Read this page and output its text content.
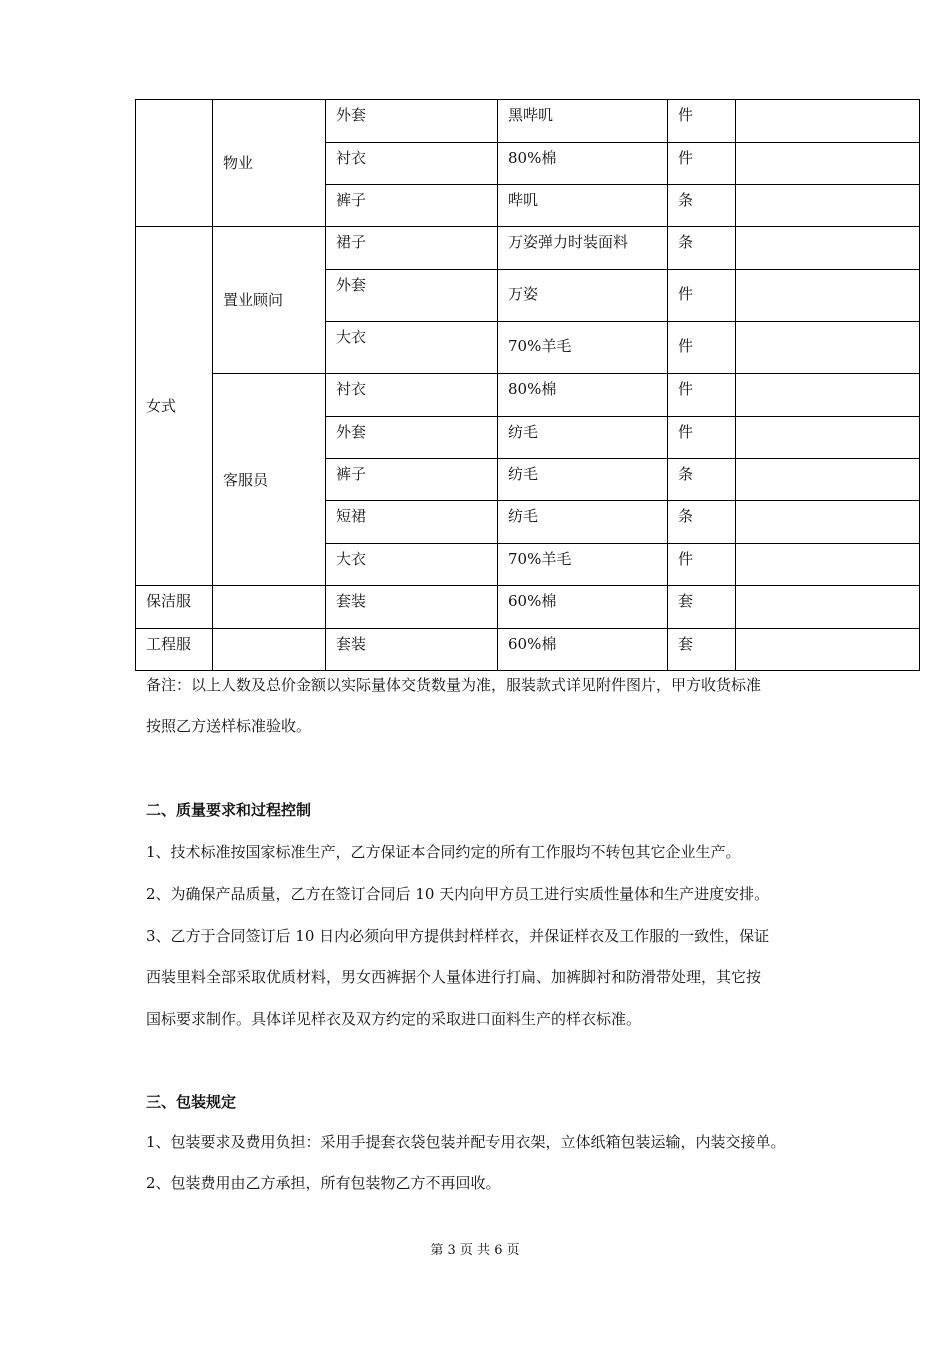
	物业	外套	黑哔叽	件	
		衬衣	80%棉	件	
		裤子	哔叽	条	
女式	置业顾问	裙子	万姿弹力时装面料	条	
		外套	万姿	件	
		大衣	70%羊毛	件	
	客服员	衬衣	80%棉	件	
		外套	纺毛	件	
		裤子	纺毛	条	
		短裙	纺毛	条	
		大衣	70%羊毛	件	
保洁服		套装	60%棉	套	
工程服		套装	60%棉	套	
备注：以上人数及总价金额以实际量体交货数量为准，服装款式详见附件图片，甲方收货标准
按照乙方送样标准验收。
二、质量要求和过程控制
1、技术标准按国家标准生产，乙方保证本合同约定的所有工作服均不转包其它企业生产。
2、为确保产品质量，乙方在签订合同后 10 天内向甲方员工进行实质性量体和生产进度安排。
3、乙方于合同签订后 10 日内必须向甲方提供封样样衣，并保证样衣及工作服的一致性，保证
西装里料全部采取优质材料，男女西裤据个人量体进行打扁、加裤脚衬和防滑带处理，其它按
国标要求制作。具体详见样衣及双方约定的采取进口面料生产的样衣标准。
三、包装规定
1、包装要求及费用负担：采用手提套衣袋包装并配专用衣架，立体纸箱包装运输，内装交接单。
2、包装费用由乙方承担，所有包装物乙方不再回收。
第 3 页 共 6 页
